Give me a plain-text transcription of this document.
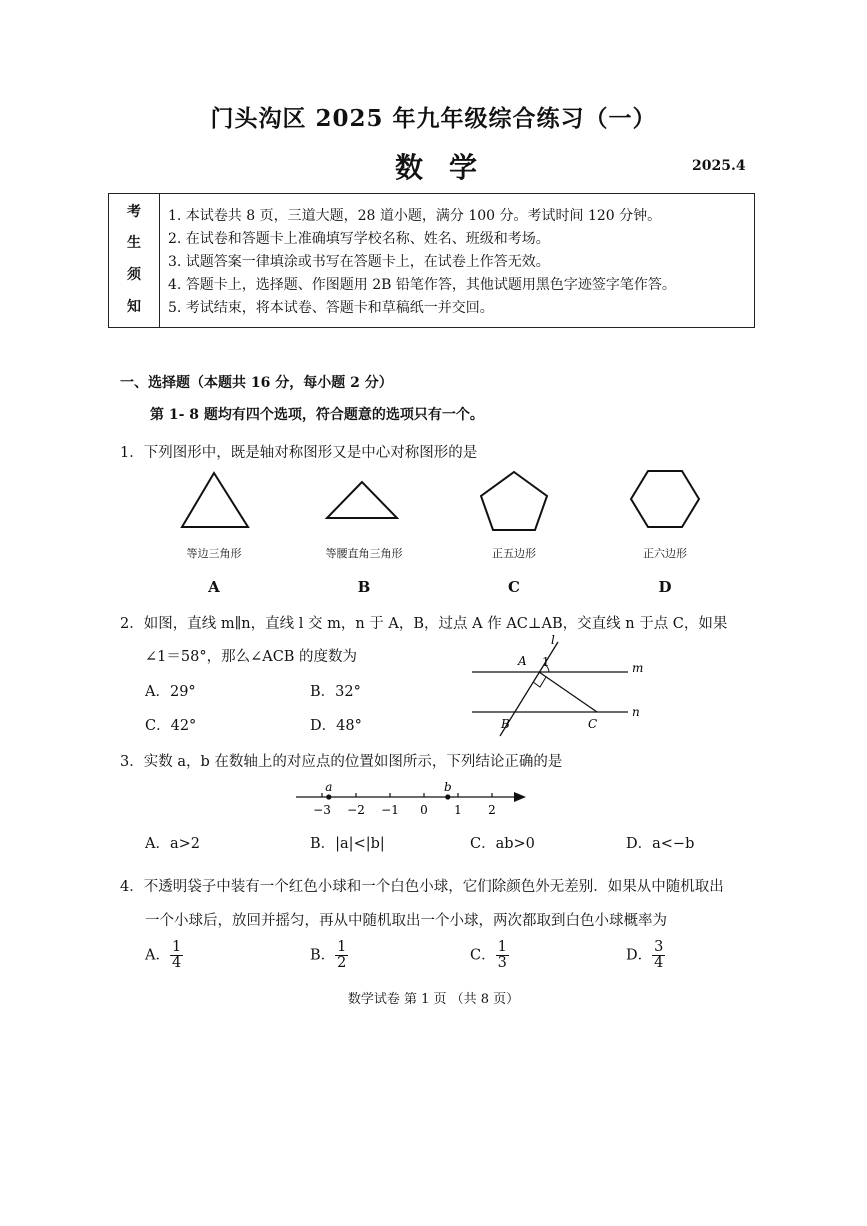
门头沟区 2025 年九年级综合练习（一）
数学	2025.4
考
生
须
知
1. 本试卷共 8 页，三道大题，28 道小题，满分 100 分。考试时间 120 分钟。
2. 在试卷和答题卡上准确填写学校名称、姓名、班级和考场。
3. 试题答案一律填涂或书写在答题卡上，在试卷上作答无效。
4. 答题卡上，选择题、作图题用 2B 铅笔作答，其他试题用黑色字迹签字笔作答。
5. 考试结束，将本试卷、答题卡和草稿纸一并交回。
一、选择题（本题共 16 分，每小题 2 分）
第 1- 8 题均有四个选项，符合题意的选项只有一个。
1．下列图形中，既是轴对称图形又是中心对称图形的是
等边三角形	等腰直角三角形	正五边形	正六边形
A	B	C	D
2．如图，直线 m∥n，直线 l 交 m，n 于 A，B，过点 A 作 AC⊥AB，交直线 n 于点 C，如果
∠1＝58°，那么∠ACB 的度数为
A．29°	B．32°
C．42°	D．48°
l
A 1	m
B	C
n
3．实数 a，b 在数轴上的对应点的位置如图所示，下列结论正确的是
−3 −2 −1 0 1 2
a	b
A．a>2	B．|a|<|b|	C．ab>0	D．a<−b
4．不透明袋子中装有一个红色小球和一个白色小球，它们除颜色外无差别．如果从中随机取出
一个小球后，放回并摇匀，再从中随机取出一个小球，两次都取到白色小球概率为
A． $\frac{1}{4}$	B． $\frac{1}{2}$	C． $\frac{1}{3}$	D． $\frac{3}{4}$
数学试卷 第 1 页 （共 8 页）
